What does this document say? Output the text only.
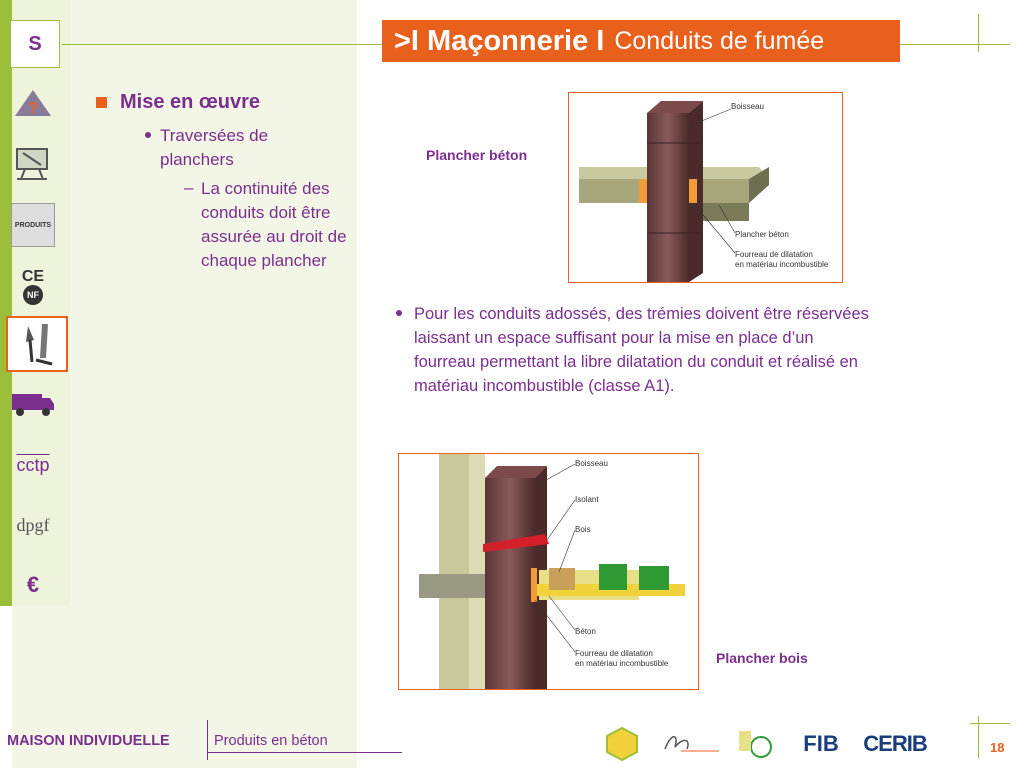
S
?
PRODUITS
CE
NF
cctp
dpgf
€
>I Maçonnerie I Conduits de fumée
Mise en œuvre
Traversées de planchers
– La continuité des conduits doit être assurée au droit de chaque plancher
Plancher béton
Boisseau
Plancher béton
Fourreau de dilatation
en matériau incombustible
Pour les conduits adossés, des trémies doivent être réservées laissant un espace suffisant pour la mise en place d’un fourreau permettant la libre dilatation du conduit et réalisé en matériau incombustible (classe A1).
Boisseau
Isolant
Bois
Béton
Fourreau de dilatation
en matériau incombustible	Plancher bois
MAISON INDIVIDUELLE	Produits en béton	FIB CERIB	18
